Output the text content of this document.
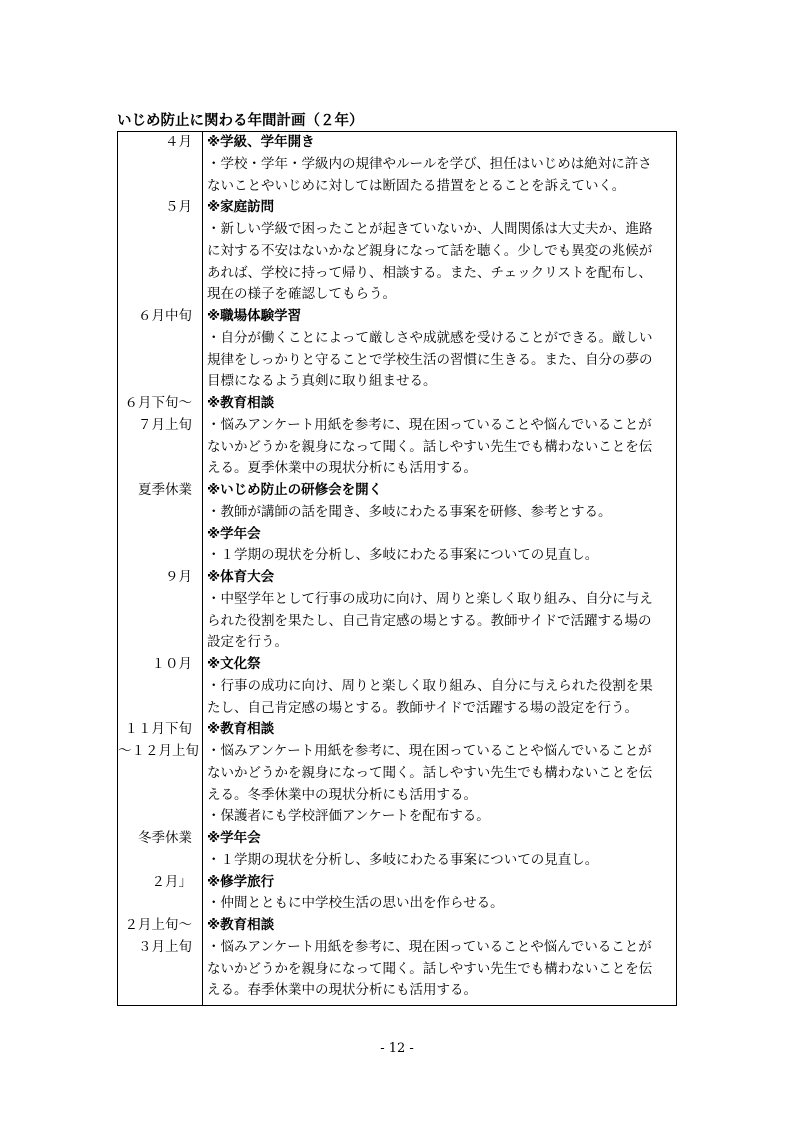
いじめ防止に関わる年間計画（２年）
４月 ※学級、学年開き
・学校・学年・学級内の規律やルールを学び、担任はいじめは絶対に許さ
ないことやいじめに対しては断固たる措置をとることを訴えていく。
５月 ※家庭訪問
・新しい学級で困ったことが起きていないか、人間関係は大丈夫か、進路
に対する不安はないかなど親身になって話を聴く。少しでも異変の兆候が
あれば、学校に持って帰り、相談する。また、チェックリストを配布し、
現在の様子を確認してもらう。
６月中旬 ※職場体験学習
・自分が働くことによって厳しさや成就感を受けることができる。厳しい
規律をしっかりと守ることで学校生活の習慣に生きる。また、自分の夢の
目標になるよう真剣に取り組ませる。
６月下旬～ ※教育相談
７月上旬 ・悩みアンケート用紙を参考に、現在困っていることや悩んでいることが
ないかどうかを親身になって聞く。話しやすい先生でも構わないことを伝
える。夏季休業中の現状分析にも活用する。
夏季休業 ※いじめ防止の研修会を開く
・教師が講師の話を聞き、多岐にわたる事案を研修、参考とする。
※学年会
・１学期の現状を分析し、多岐にわたる事案についての見直し。
９月 ※体育大会
・中堅学年として行事の成功に向け、周りと楽しく取り組み、自分に与え
られた役割を果たし、自己肯定感の場とする。教師サイドで活躍する場の
設定を行う。
１０月 ※文化祭
・行事の成功に向け、周りと楽しく取り組み、自分に与えられた役割を果
たし、自己肯定感の場とする。教師サイドで活躍する場の設定を行う。
１１月下旬 ※教育相談
～１２月上旬 ・悩みアンケート用紙を参考に、現在困っていることや悩んでいることが
ないかどうかを親身になって聞く。話しやすい先生でも構わないことを伝
える。冬季休業中の現状分析にも活用する。
・保護者にも学校評価アンケートを配布する。
冬季休業 ※学年会
・１学期の現状を分析し、多岐にわたる事案についての見直し。
２月」 ※修学旅行
・仲間とともに中学校生活の思い出を作らせる。
２月上旬～ ※教育相談
３月上旬 ・悩みアンケート用紙を参考に、現在困っていることや悩んでいることが
ないかどうかを親身になって聞く。話しやすい先生でも構わないことを伝
える。春季休業中の現状分析にも活用する。
- 12 -
